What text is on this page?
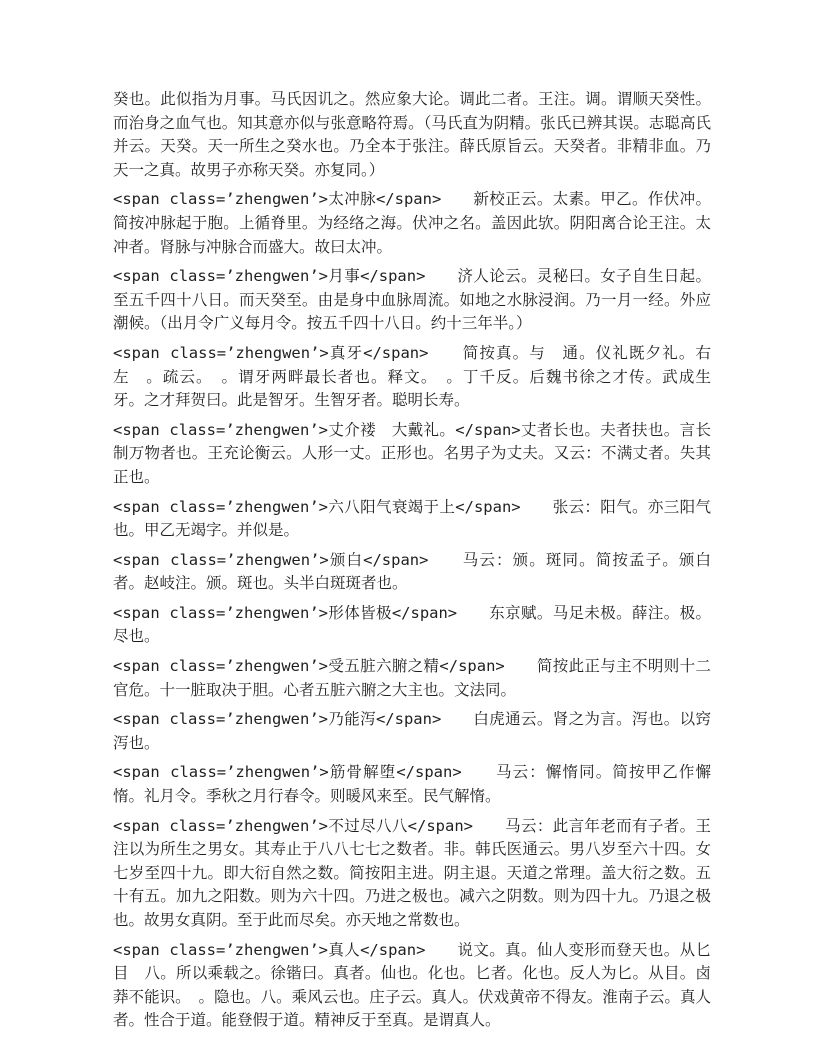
癸也。此似指为月事。马氏因讥之。然应象大论。调此二者。王注。调。谓顺天癸性。而治身之血气也。知其意亦似与张意略符焉。（马氏直为阴精。张氏已辨其误。志聪高氏并云。天癸。天一所生之癸水也。乃全本于张注。薛氏原旨云。天癸者。非精非血。乃天一之真。故男子亦称天癸。亦复同。）

<span class=’zhengwen’>太冲脉</span>　　新校正云。太素。甲乙。作伏冲。简按冲脉起于胞。上循脊里。为经络之海。伏冲之名。盖因此欤。阴阳离合论王注。太冲者。肾脉与冲脉合而盛大。故曰太冲。

<span class=’zhengwen’>月事</span>　　济人论云。灵秘曰。女子自生日起。至五千四十八日。而天癸至。由是身中血脉周流。如地之水脉浸润。乃一月一经。外应潮候。（出月令广义每月令。按五千四十八日。约十三年半。）

<span class=’zhengwen’>真牙</span>　　简按真。与　通。仪礼既夕礼。右　左　。疏云。　。谓牙两畔最长者也。释文。　。丁千反。后魏书徐之才传。武成生　牙。之才拜贺曰。此是智牙。生智牙者。聪明长寿。

<span class=’zhengwen’>丈介褛　大戴礼。</span>丈者长也。夫者扶也。言长制万物者也。王充论衡云。人形一丈。正形也。名男子为丈夫。又云：不满丈者。失其正也。

<span class=’zhengwen’>六八阳气衰竭于上</span>　　张云：阳气。亦三阳气也。甲乙无竭字。并似是。

<span class=’zhengwen’>颁白</span>　　马云：颁。斑同。简按孟子。颁白者。赵岐注。颁。斑也。头半白斑斑者也。

<span class=’zhengwen’>形体皆极</span>　　东京赋。马足未极。薛注。极。尽也。

<span class=’zhengwen’>受五脏六腑之精</span>　　简按此正与主不明则十二官危。十一脏取决于胆。心者五脏六腑之大主也。文法同。

<span class=’zhengwen’>乃能泻</span>　　白虎通云。肾之为言。泻也。以窍泻也。

<span class=’zhengwen’>筋骨解堕</span>　　马云：懈惰同。简按甲乙作懈惰。礼月令。季秋之月行春令。则暖风来至。民气解惰。

<span class=’zhengwen’>不过尽八八</span>　　马云：此言年老而有子者。王注以为所生之男女。其寿止于八八七七之数者。非。韩氏医通云。男八岁至六十四。女七岁至四十九。即大衍自然之数。简按阳主进。阴主退。天道之常理。盖大衍之数。五十有五。加九之阳数。则为六十四。乃进之极也。减六之阴数。则为四十九。乃退之极也。故男女真阴。至于此而尽矣。亦天地之常数也。

<span class=’zhengwen’>真人</span>　　说文。真。仙人变形而登天也。从匕目　八。所以乘载之。徐锴曰。真者。仙也。化也。匕者。化也。反人为匕。从目。卤莽不能识。　。隐也。八。乘风云也。庄子云。真人。伏戏黄帝不得友。淮南子云。真人者。性合于道。能登假于道。精神反于至真。是谓真人。
